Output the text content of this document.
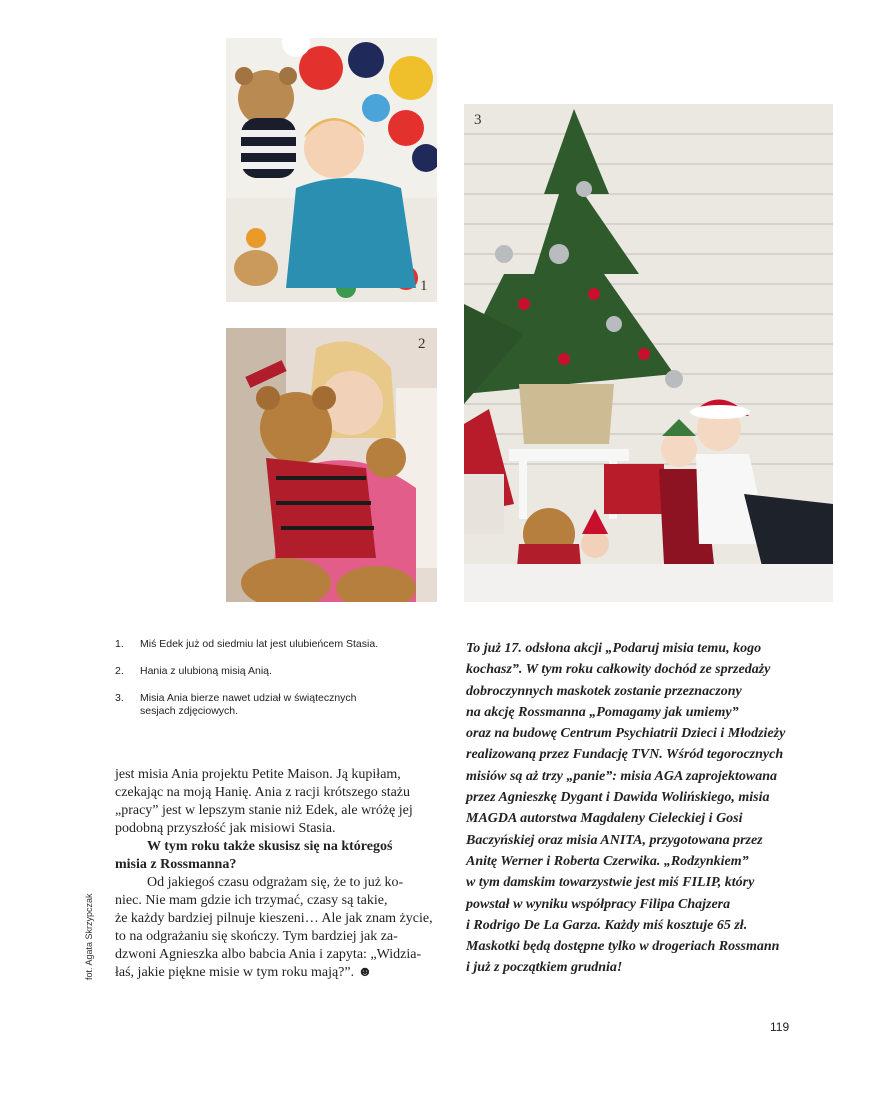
1
2
3
1.	Miś Edek już od siedmiu lat jest ulubieńcem Stasia.
2.	Hania z ulubioną misią Anią.
3.	Misia Ania bierze nawet udział w świątecznych
sesjach zdjęciowych.

jest misia Ania projektu Petite Maison. Ją kupiłam,
czekając na moją Hanię. Ania z racji krótszego stażu
„pracy” jest w lepszym stanie niż Edek, ale wróżę jej
podobną przyszłość jak misiowi Stasia.

W tym roku także skusisz się na któregoś
misia z Rossmanna?

Od jakiegoś czasu odgrażam się, że to już ko-
niec. Nie mam gdzie ich trzymać, czasy są takie,
że każdy bardziej pilnuje kieszeni… Ale jak znam życie,
to na odgrażaniu się skończy. Tym bardziej jak za-
dzwoni Agnieszka albo babcia Ania i zapyta: „Widzia-
łaś, jakie piękne misie w tym roku mają?”. ☻

fot. Agata Skrzypczak
To już 17. odsłona akcji „Podaruj misia temu, kogo
kochasz”. W tym roku całkowity dochód ze sprzedaży
dobroczynnych maskotek zostanie przeznaczony
na akcję Rossmanna „Pomagamy jak umiemy”
oraz na budowę Centrum Psychiatrii Dzieci i Młodzieży
realizowaną przez Fundację TVN. Wśród tegorocznych
misiów są aż trzy „panie”: misia AGA zaprojektowana
przez Agnieszkę Dygant i Dawida Wolińskiego, misia
MAGDA autorstwa Magdaleny Cieleckiej i Gosi
Baczyńskiej oraz misia ANITA, przygotowana przez
Anitę Werner i Roberta Czerwika. „Rodzynkiem”
w tym damskim towarzystwie jest miś FILIP, który
powstał w wyniku współpracy Filipa Chajzera
i Rodrigo De La Garza. Każdy miś kosztuje 65 zł.
Maskotki będą dostępne tylko w drogeriach Rossmann
i już z początkiem grudnia!
119
